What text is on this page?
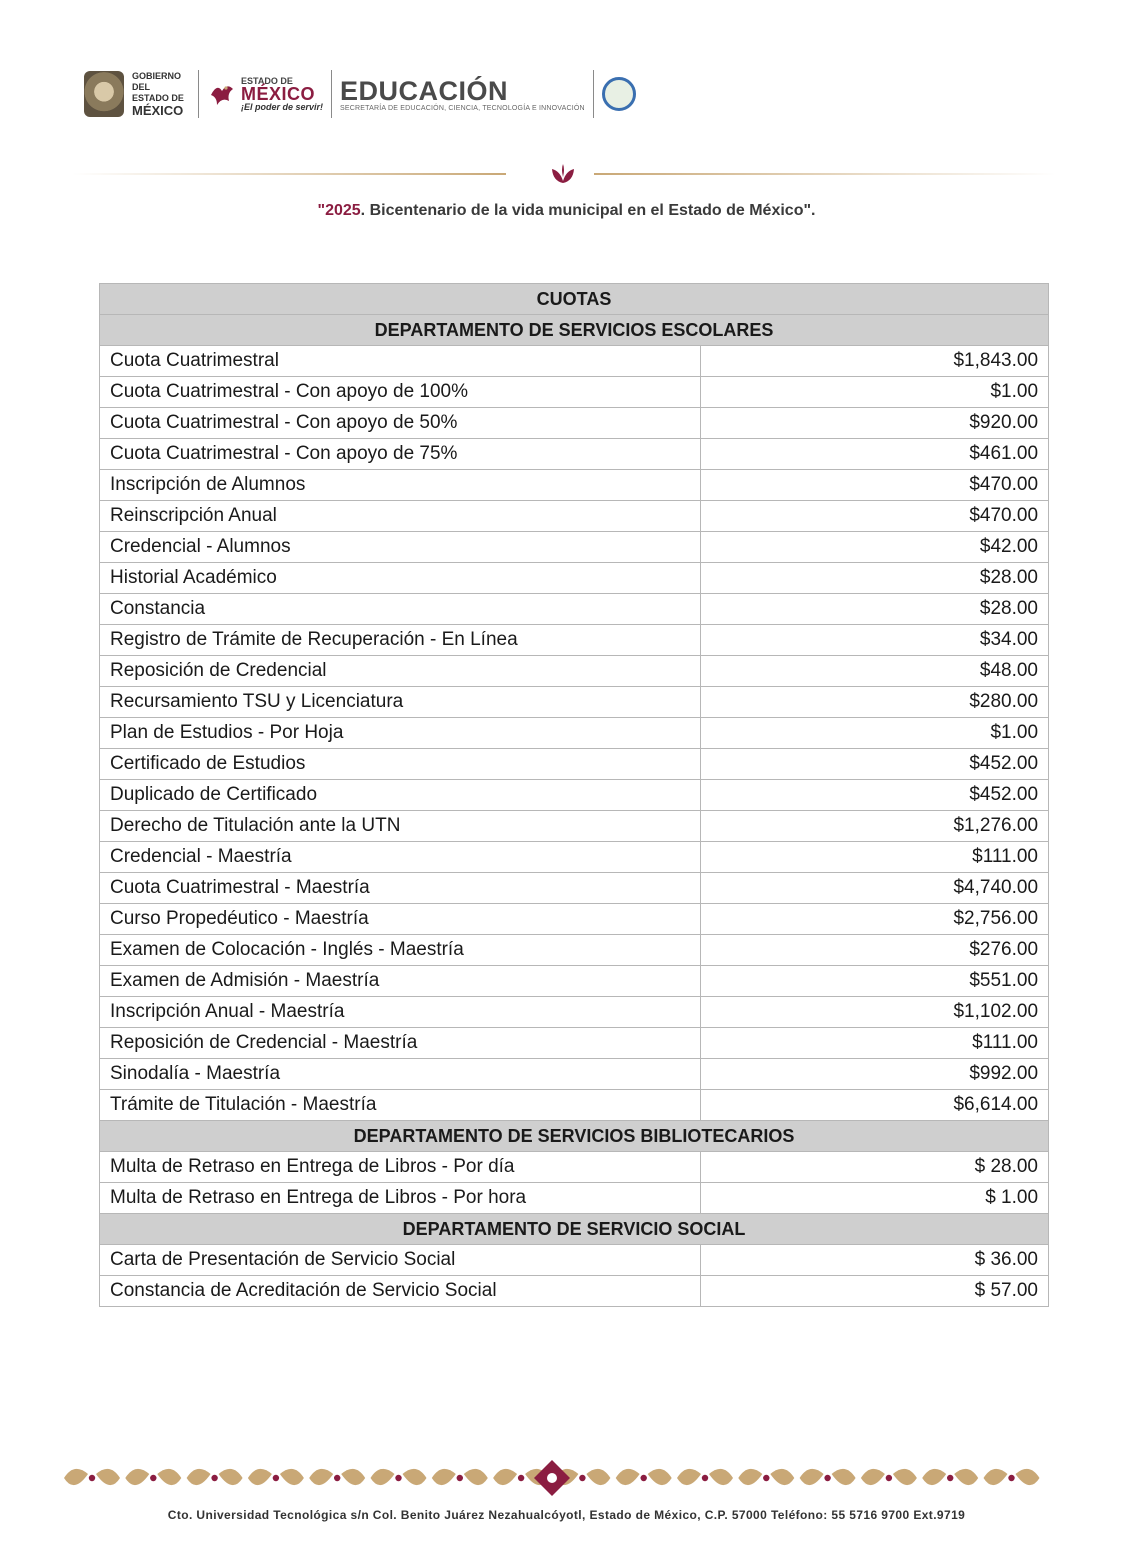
GOBIERNO DEL
ESTADO DE
MÉXICO
ESTADO DE
MÉXICO
¡El poder de servir!
EDUCACIÓN
SECRETARÍA DE EDUCACIÓN, CIENCIA, TECNOLOGÍA E INNOVACIÓN
"2025. Bicentenario de la vida municipal en el Estado de México".
CUOTAS	
DEPARTAMENTO DE SERVICIOS ESCOLARES	
Cuota Cuatrimestral	$1,843.00
Cuota Cuatrimestral - Con apoyo de 100%	$1.00
Cuota Cuatrimestral - Con apoyo de 50%	$920.00
Cuota Cuatrimestral - Con apoyo de 75%	$461.00
Inscripción de Alumnos	$470.00
Reinscripción Anual	$470.00
Credencial - Alumnos	$42.00
Historial Académico	$28.00
Constancia	$28.00
Registro de Trámite de Recuperación - En Línea	$34.00
Reposición de Credencial	$48.00
Recursamiento TSU y Licenciatura	$280.00
Plan de Estudios - Por Hoja	$1.00
Certificado de Estudios	$452.00
Duplicado de Certificado	$452.00
Derecho de Titulación ante la UTN	$1,276.00
Credencial - Maestría	$111.00
Cuota Cuatrimestral - Maestría	$4,740.00
Curso Propedéutico - Maestría	$2,756.00
Examen de Colocación - Inglés - Maestría	$276.00
Examen de Admisión - Maestría	$551.00
Inscripción Anual - Maestría	$1,102.00
Reposición de Credencial - Maestría	$111.00
Sinodalía - Maestría	$992.00
Trámite de Titulación - Maestría	$6,614.00
DEPARTAMENTO DE SERVICIOS BIBLIOTECARIOS	
Multa de Retraso en Entrega de Libros - Por día	$ 28.00
Multa de Retraso en Entrega de Libros - Por hora	$ 1.00
DEPARTAMENTO DE SERVICIO SOCIAL	
Carta de Presentación de Servicio Social	$ 36.00
Constancia de Acreditación de Servicio Social	$ 57.00
Cto. Universidad Tecnológica s/n Col. Benito Juárez Nezahualcóyotl, Estado de México, C.P. 57000 Teléfono: 55 5716 9700 Ext.9719
